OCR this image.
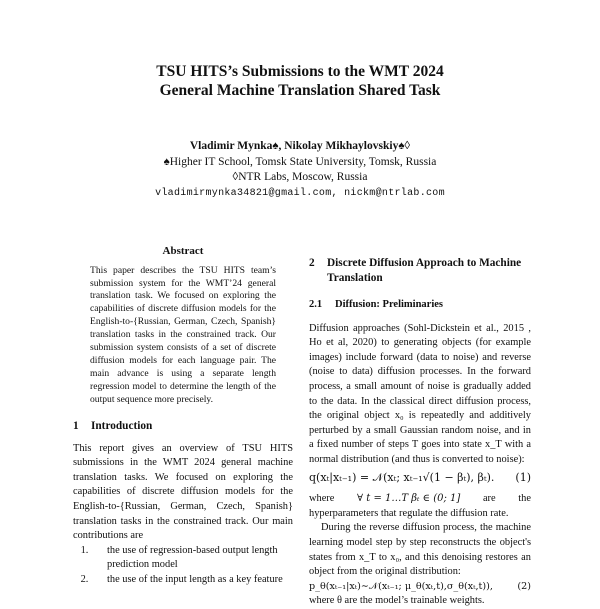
TSU HITS’s Submissions to the WMT 2024
General Machine Translation Shared Task
Vladimir Mynka♠, Nikolay Mikhaylovskiy♠◊
♠Higher IT School, Tomsk State University, Tomsk, Russia
◊NTR Labs, Moscow, Russia
vladimirmynka34821@gmail.com, nickm@ntrlab.com
Abstract

This paper describes the TSU HITS team’s submission system for the WMT’24 general translation task. We focused on exploring the capabilities of discrete diffusion models for the English-to-{Russian, German, Czech, Spanish} translation tasks in the constrained track. Our submission system consists of a set of discrete diffusion models for each language pair. The main advance is using a separate length regression model to determine the length of the output sequence more precisely.

1	Introduction

This report gives an overview of TSU HITS submissions in the WMT 2024 general machine translation tasks. We focused on exploring the capabilities of discrete diffusion models for the English-to-{Russian, German, Czech, Spanish} translation tasks in the constrained track. Our main contributions are

1. the use of regression-based output length prediction model
2. the use of the input length as a key feature
2	Discrete Diffusion Approach to Machine Translation
2.1	Diffusion: Preliminaries

Diffusion approaches (Sohl-Dickstein et al., 2015 , Ho et al, 2020) to generating objects (for example images) include forward (data to noise) and reverse (noise to data) diffusion processes. In the forward process, a small amount of noise is gradually added to the data. In the classical direct diffusion process, the original object x₀ is repeatedly and additively perturbed by a small Gaussian random noise, and in a fixed number of steps T goes into state x_T with a normal distribution (and thus is converted to noise):

q(xₜ|xₜ₋₁) = 𝒩(xₜ; xₜ₋₁√(1 − βₜ), βₜ). (1)
where ∀ t = 1…T βₜ ∈ (0; 1] are the

hyperparameters that regulate the diffusion rate.

During the reverse diffusion process, the machine learning model step by step reconstructs the object's states from x_T to x₀, and this denoising restores an object from the original distribution:

p_θ(xₜ₋₁|xₜ)∼𝒩(xₜ₋₁; μ_θ(xₜ,t),σ_θ(xₜ,t)),	(2)

where θ are the model’s trainable weights.
